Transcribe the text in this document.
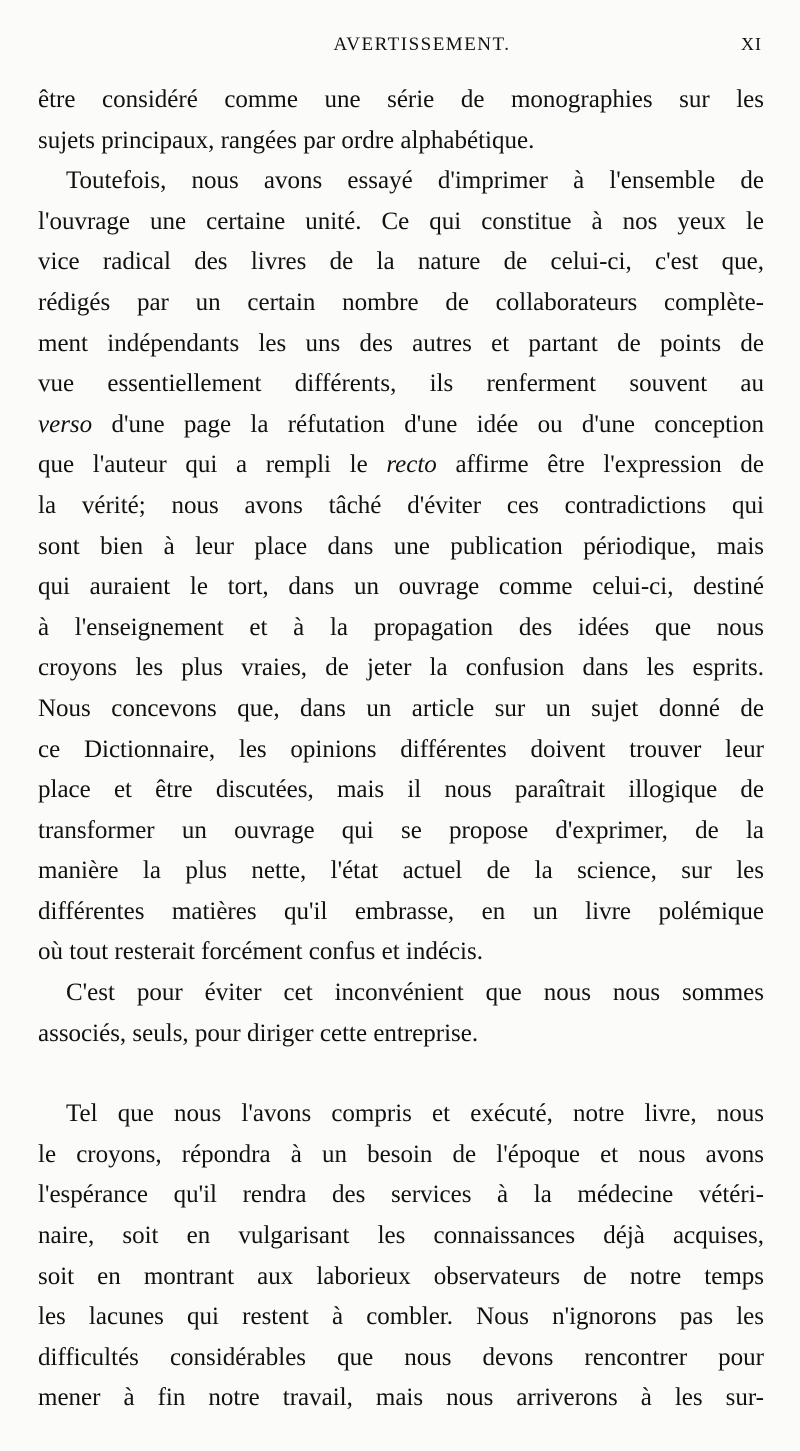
AVERTISSEMENT.	XI

être considéré comme une série de monographies sur les
sujets principaux, rangées par ordre alphabétique.

Toutefois, nous avons essayé d'imprimer à l'ensemble de
l'ouvrage une certaine unité. Ce qui constitue à nos yeux le
vice radical des livres de la nature de celui-ci, c'est que,
rédigés par un certain nombre de collaborateurs complète-
ment indépendants les uns des autres et partant de points de
vue essentiellement différents, ils renferment souvent au
verso d'une page la réfutation d'une idée ou d'une conception
que l'auteur qui a rempli le recto affirme être l'expression de
la vérité; nous avons tâché d'éviter ces contradictions qui
sont bien à leur place dans une publication périodique, mais
qui auraient le tort, dans un ouvrage comme celui-ci, destiné
à l'enseignement et à la propagation des idées que nous
croyons les plus vraies, de jeter la confusion dans les esprits.
Nous concevons que, dans un article sur un sujet donné de
ce Dictionnaire, les opinions différentes doivent trouver leur
place et être discutées, mais il nous paraîtrait illogique de
transformer un ouvrage qui se propose d'exprimer, de la
manière la plus nette, l'état actuel de la science, sur les
différentes matières qu'il embrasse, en un livre polémique
où tout resterait forcément confus et indécis.

C'est pour éviter cet inconvénient que nous nous sommes
associés, seuls, pour diriger cette entreprise.

Tel que nous l'avons compris et exécuté, notre livre, nous
le croyons, répondra à un besoin de l'époque et nous avons
l'espérance qu'il rendra des services à la médecine vétéri-
naire, soit en vulgarisant les connaissances déjà acquises,
soit en montrant aux laborieux observateurs de notre temps
les lacunes qui restent à combler. Nous n'ignorons pas les
difficultés considérables que nous devons rencontrer pour
mener à fin notre travail, mais nous arriverons à les sur-
